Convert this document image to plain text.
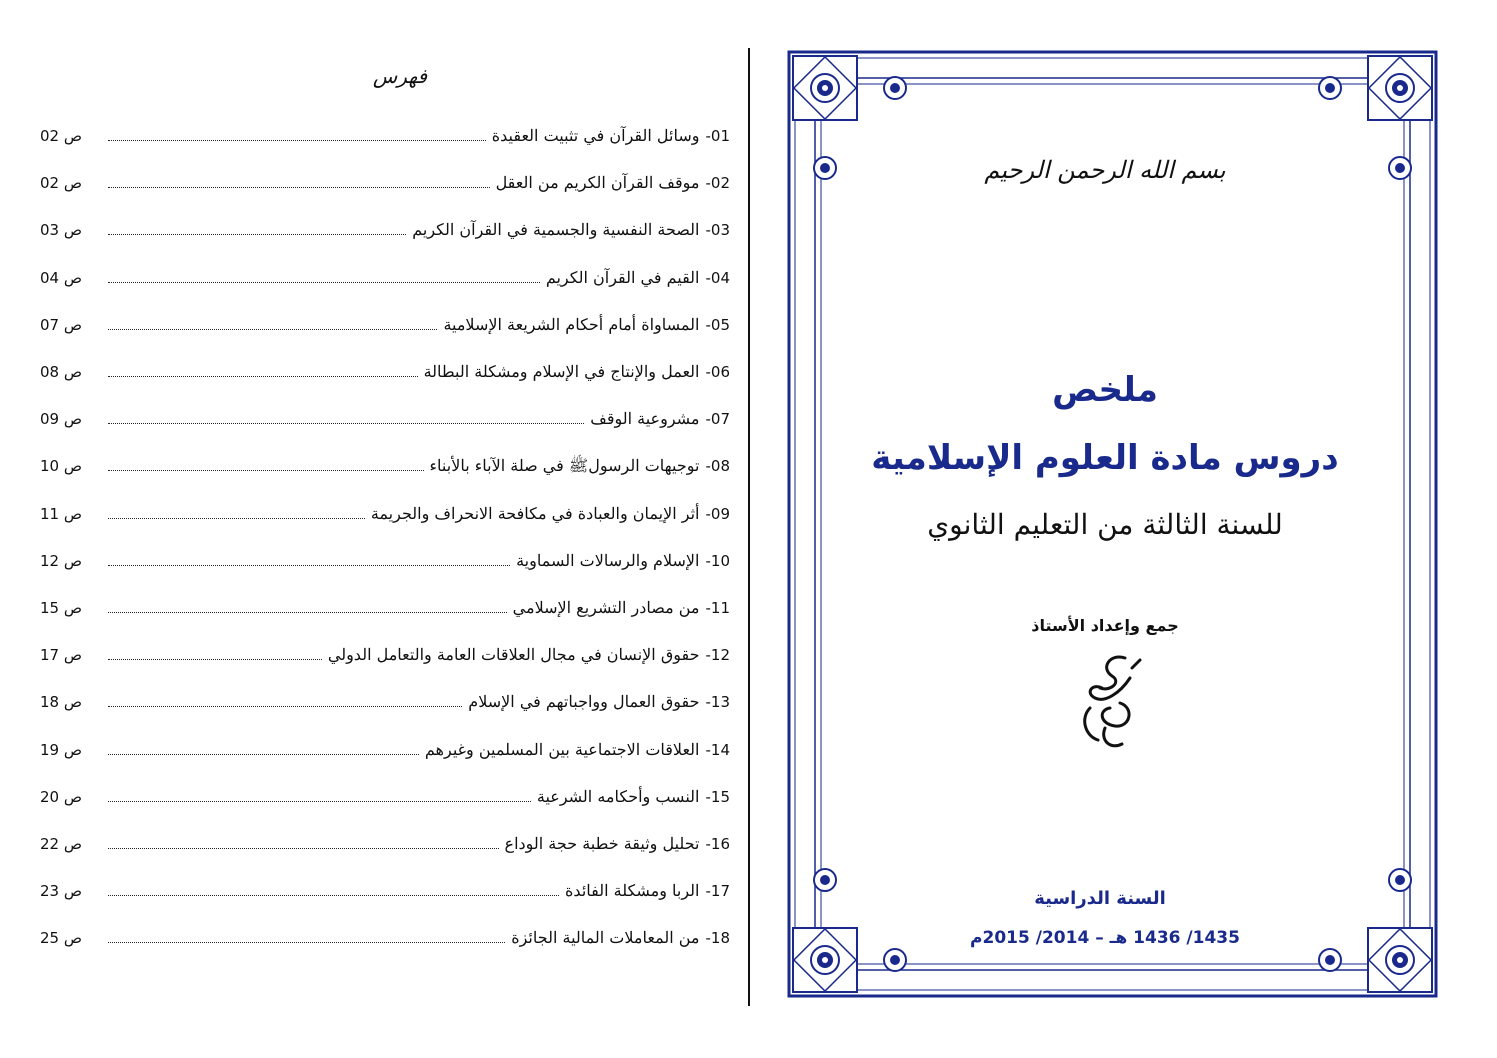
فهرس
01-
وسائل القرآن في تثبيت العقيدة
ص 02
02-
موقف القرآن الكريم من العقل
ص 02
03-
الصحة النفسية والجسمية في القرآن الكريم
ص 03
04-
القيم في القرآن الكريم
ص 04
05-
المساواة أمام أحكام الشريعة الإسلامية
ص 07
06-
العمل والإنتاج في الإسلام ومشكلة البطالة
ص 08
07-
مشروعية الوقف
ص 09
08-
توجيهات الرسولﷺ في صلة الآباء بالأبناء
ص 10
09-
أثر الإيمان والعبادة في مكافحة الانحراف والجريمة
ص 11
10-
الإسلام والرسالات السماوية
ص 12
11-
من مصادر التشريع الإسلامي
ص 15
12-
حقوق الإنسان في مجال العلاقات العامة والتعامل الدولي
ص 17
13-
حقوق العمال وواجباتهم في الإسلام
ص 18
14-
العلاقات الاجتماعية بين المسلمين وغيرهم
ص 19
15-
النسب وأحكامه الشرعية
ص 20
16-
تحليل وثيقة خطبة حجة الوداع
ص 22
17-
الربا ومشكلة الفائدة
ص 23
18-
من المعاملات المالية الجائزة
ص 25
بسم الله الرحمن الرحيم
ملخص
دروس مادة العلوم الإسلامية
للسنة الثالثة من التعليم الثانوي
جمع وإعداد الأستاذ
السنة الدراسية
1435/ 1436 هـ – 2014/ 2015م
